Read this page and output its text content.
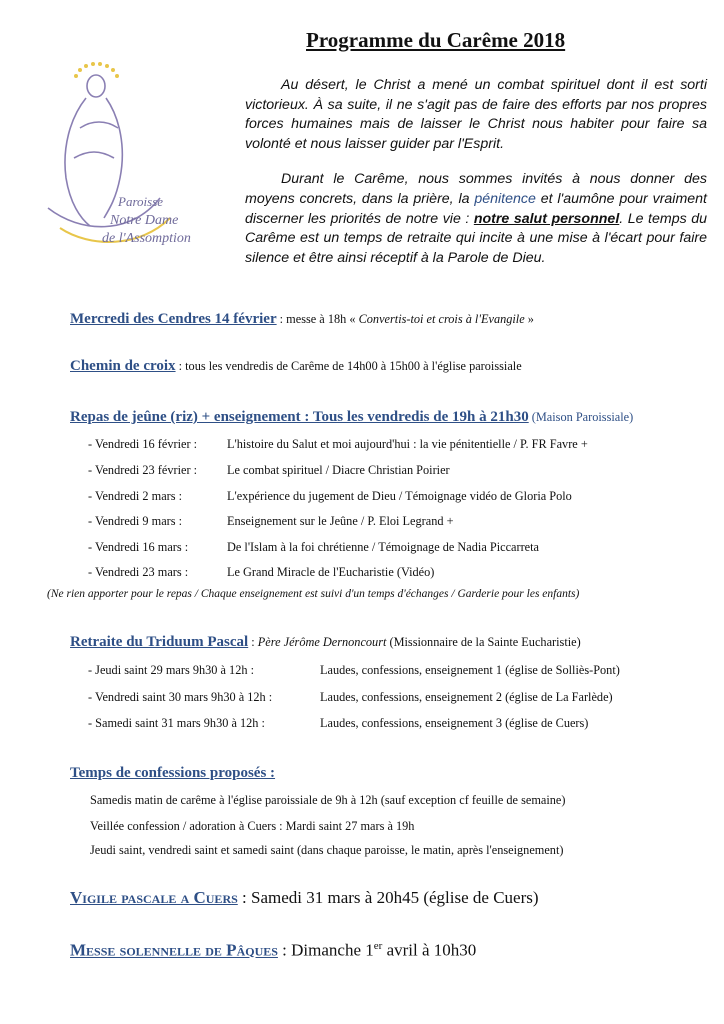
Programme du Carême 2018
Paroisse
Notre Dame
de l'Assomption

Au désert, le Christ a mené un combat spirituel dont il est sorti victorieux. À sa suite, il ne s'agit pas de faire des efforts par nos propres forces humaines mais de laisser le Christ nous habiter pour faire sa volonté et nous laisser guider par l'Esprit.

Durant le Carême, nous sommes invités à nous donner des moyens concrets, dans la prière, la pénitence et l'aumône pour vraiment discerner les priorités de notre vie : notre salut personnel. Le temps du Carême est un temps de retraite qui incite à une mise à l'écart pour faire silence et être ainsi réceptif à la Parole de Dieu.

Mercredi des Cendres 14 février : messe à 18h « Convertis-toi et crois à l'Evangile »
Chemin de croix : tous les vendredis de Carême de 14h00 à 15h00 à l'église paroissiale
Repas de jeûne (riz) + enseignement : Tous les vendredis de 19h à 21h30 (Maison Paroissiale)
- Vendredi 16 février : L'histoire du Salut et moi aujourd'hui : la vie pénitentielle / P. FR Favre +
- Vendredi 23 février : Le combat spirituel / Diacre Christian Poirier
- Vendredi 2 mars :	L'expérience du jugement de Dieu / Témoignage vidéo de Gloria Polo
- Vendredi 9 mars :	Enseignement sur le Jeûne / P. Eloi Legrand +
- Vendredi 16 mars :	De l'Islam à la foi chrétienne / Témoignage de Nadia Piccarreta
- Vendredi 23 mars :	Le Grand Miracle de l'Eucharistie (Vidéo)
(Ne rien apporter pour le repas / Chaque enseignement est suivi d'un temps d'échanges / Garderie pour les enfants)
Retraite du Triduum Pascal : Père Jérôme Dernoncourt (Missionnaire de la Sainte Eucharistie)
- Jeudi saint 29 mars 9h30 à 12h :	Laudes, confessions, enseignement 1 (église de Solliès-Pont)
- Vendredi saint 30 mars 9h30 à 12h :	Laudes, confessions, enseignement 2 (église de La Farlède)
- Samedi saint 31 mars 9h30 à 12h :	Laudes, confessions, enseignement 3 (église de Cuers)
Temps de confessions proposés :
Samedis matin de carême à l'église paroissiale de 9h à 12h (sauf exception cf feuille de semaine)
Veillée confession / adoration à Cuers : Mardi saint 27 mars à 19h
Jeudi saint, vendredi saint et samedi saint (dans chaque paroisse, le matin, après l'enseignement)
Vigile pascale a Cuers : Samedi 31 mars à 20h45 (église de Cuers)
Messe solennelle de Pâques : Dimanche 1er avril à 10h30
